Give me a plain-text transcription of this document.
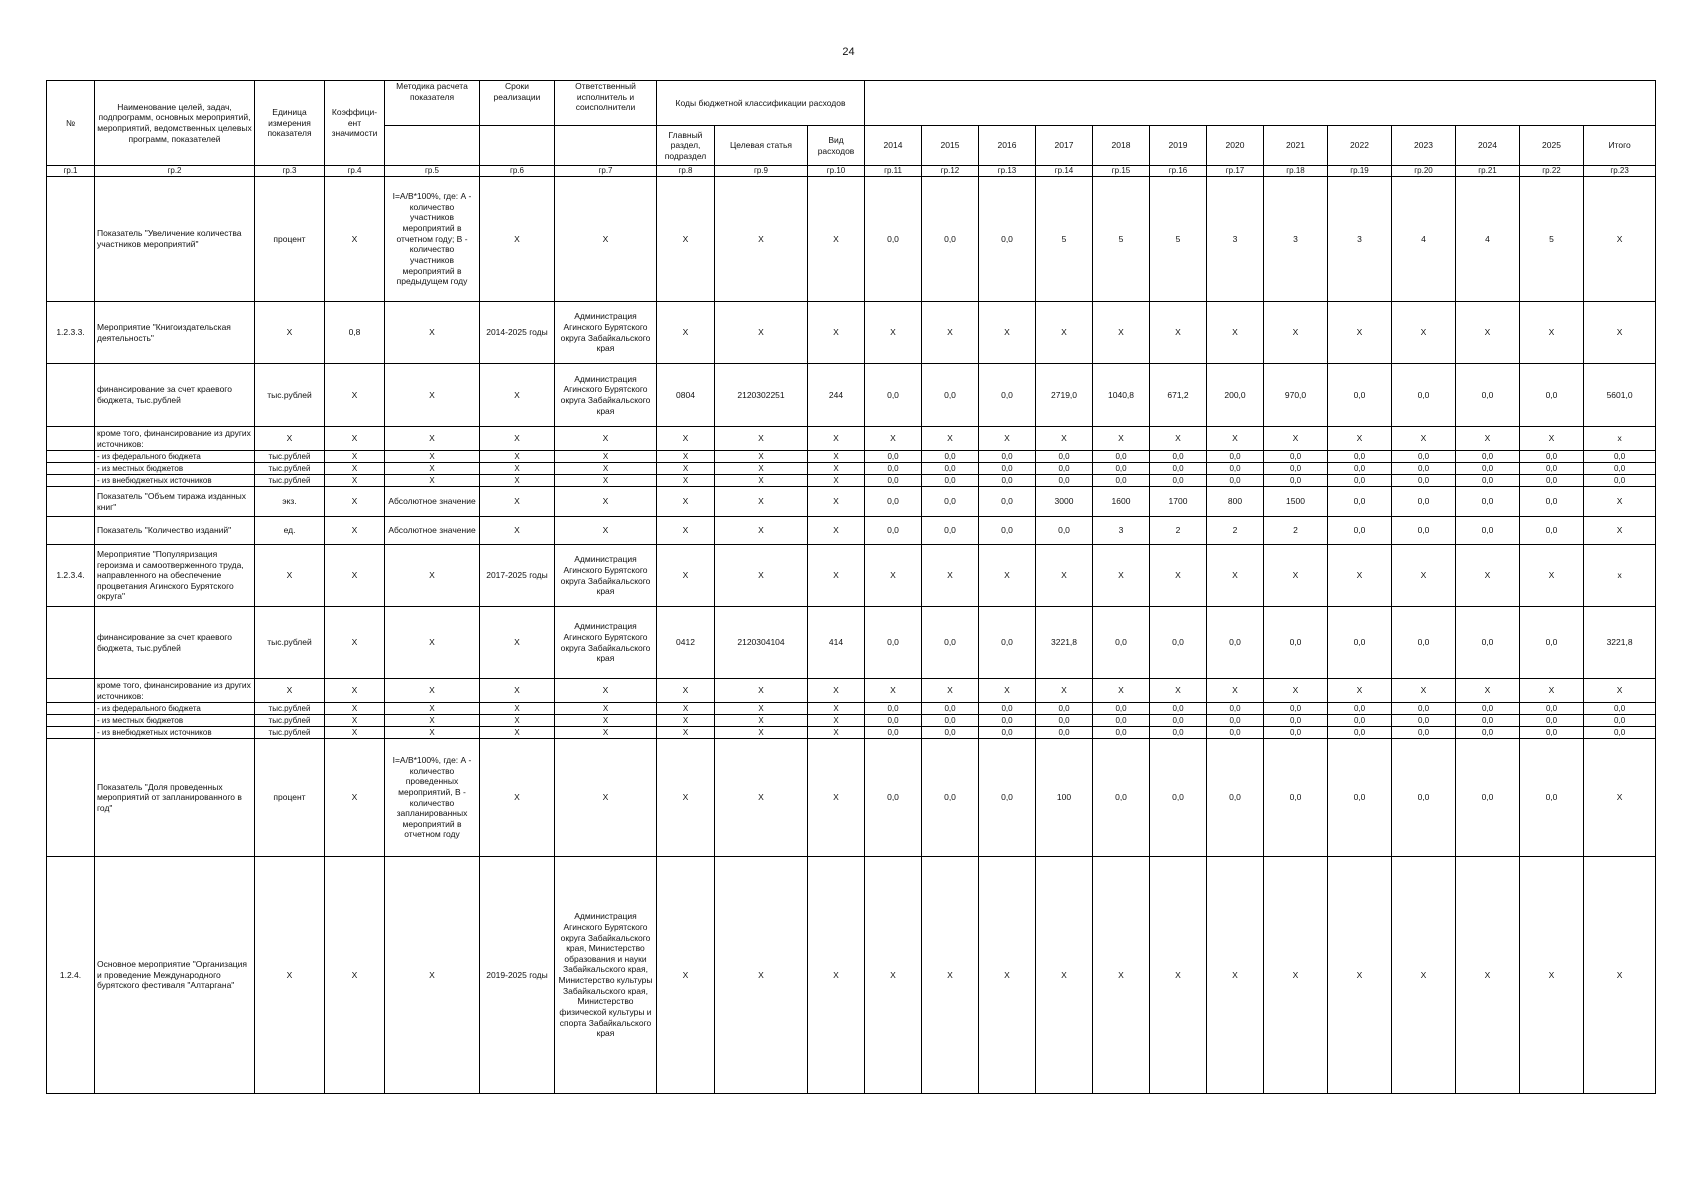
24
№	Наименование целей, задач, подпрограмм, основных мероприятий, мероприятий, ведомственных целевых программ, показателей	Единица измерения показателя	Коэффици-ент значимости	Методика расчета показателя	Сроки реализации	Ответственный исполнитель и соисполнители	Коды бюджетной классификации расходов															
							Главный раздел, подраздел	Целевая статья	Вид расходов	2014	2015	2016	2017	2018	2019	2020	2021	2022	2023	2024	2025	Итого
гр.1	гр.2	гр.3	гр.4	гр.5	гр.6	гр.7	гр.8	гр.9	гр.10	гр.11	гр.12	гр.13	гр.14	гр.15	гр.16	гр.17	гр.18	гр.19	гр.20	гр.21	гр.22	гр.23
	Показатель "Увеличение количества участников мероприятий"	процент	Х	I=A/B*100%, где: А - количество участников мероприятий в отчетном году; В - количество участников мероприятий в предыдущем году	Х	Х	Х	Х	Х	0,0	0,0	0,0	5	5	5	3	3	3	4	4	5	Х
1.2.3.3.	Мероприятие "Книгоиздательская деятельность"	Х	0,8	Х	2014-2025 годы	Администрация Агинского Бурятского округа Забайкальского края	Х	Х	Х	Х	Х	Х	Х	Х	Х	Х	Х	Х	Х	Х	Х	Х
	финансирование за счет краевого бюджета, тыс.рублей	тыс.рублей	Х	Х	Х	Администрация Агинского Бурятского округа Забайкальского края	0804	2120302251	244	0,0	0,0	0,0	2719,0	1040,8	671,2	200,0	970,0	0,0	0,0	0,0	0,0	5601,0
	кроме того, финансирование из других источников:	Х	Х	Х	Х	Х	Х	Х	Х	Х	Х	Х	Х	Х	Х	Х	Х	Х	Х	Х	Х	х
	- из федерального бюджета	тыс.рублей	Х	Х	Х	Х	Х	Х	Х	0,0	0,0	0,0	0,0	0,0	0,0	0,0	0,0	0,0	0,0	0,0	0,0	0,0
	- из местных бюджетов	тыс.рублей	Х	Х	Х	Х	Х	Х	Х	0,0	0,0	0,0	0,0	0,0	0,0	0,0	0,0	0,0	0,0	0,0	0,0	0,0
	- из внебюджетных источников	тыс.рублей	Х	Х	Х	Х	Х	Х	Х	0,0	0,0	0,0	0,0	0,0	0,0	0,0	0,0	0,0	0,0	0,0	0,0	0,0
	Показатель "Объем тиража изданных книг"	экз.	Х	Абсолютное значение	Х	Х	Х	Х	Х	0,0	0,0	0,0	3000	1600	1700	800	1500	0,0	0,0	0,0	0,0	Х
	Показатель "Количество изданий"	ед.	Х	Абсолютное значение	Х	Х	Х	Х	Х	0,0	0,0	0,0	0,0	3	2	2	2	0,0	0,0	0,0	0,0	Х
1.2.3.4.	Мероприятие "Популяризация героизма и самоотверженного труда, направленного на обеспечение процветания Агинского Бурятского округа"	Х	Х	Х	2017-2025 годы	Администрация Агинского Бурятского округа Забайкальского края	Х	Х	Х	Х	Х	Х	Х	Х	Х	Х	Х	Х	Х	Х	Х	х
	финансирование за счет краевого бюджета, тыс.рублей	тыс.рублей	Х	Х	Х	Администрация Агинского Бурятского округа Забайкальского края	0412	2120304104	414	0,0	0,0	0,0	3221,8	0,0	0,0	0,0	0,0	0,0	0,0	0,0	0,0	3221,8
	кроме того, финансирование из других источников:	Х	Х	Х	Х	Х	Х	Х	Х	Х	Х	Х	Х	Х	Х	Х	Х	Х	Х	Х	Х	Х
	- из федерального бюджета	тыс.рублей	Х	Х	Х	Х	Х	Х	Х	0,0	0,0	0,0	0,0	0,0	0,0	0,0	0,0	0,0	0,0	0,0	0,0	0,0
	- из местных бюджетов	тыс.рублей	Х	Х	Х	Х	Х	Х	Х	0,0	0,0	0,0	0,0	0,0	0,0	0,0	0,0	0,0	0,0	0,0	0,0	0,0
	- из внебюджетных источников	тыс.рублей	Х	Х	Х	Х	Х	Х	Х	0,0	0,0	0,0	0,0	0,0	0,0	0,0	0,0	0,0	0,0	0,0	0,0	0,0
	Показатель "Доля проведенных мероприятий от запланированного в год"	процент	Х	I=A/B*100%, где: А - количество проведенных мероприятий, В - количество запланированных мероприятий в отчетном году	Х	Х	Х	Х	Х	0,0	0,0	0,0	100	0,0	0,0	0,0	0,0	0,0	0,0	0,0	0,0	Х
1.2.4.	Основное мероприятие "Организация и проведение Международного бурятского фестиваля "Алтаргана"	Х	Х	Х	2019-2025 годы	Администрация Агинского Бурятского округа Забайкальского края, Министерство образования и науки Забайкальского края, Министерство культуры Забайкальского края, Министерство физической культуры и спорта Забайкальского края	Х	Х	Х	Х	Х	Х	Х	Х	Х	Х	Х	Х	Х	Х	Х	Х
